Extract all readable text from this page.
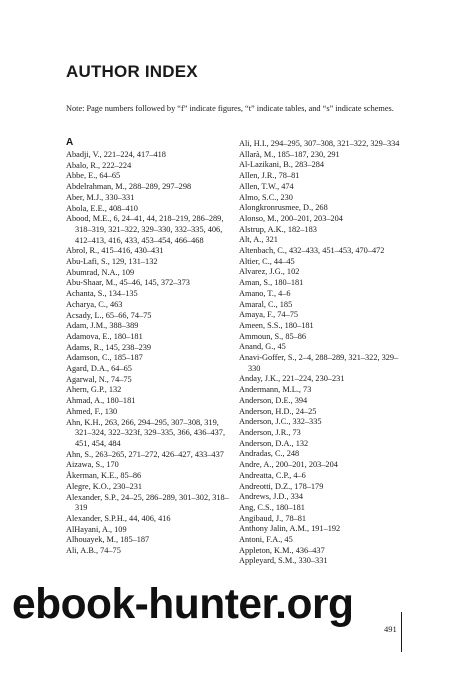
AUTHOR INDEX
Note: Page numbers followed by “f” indicate figures, “t” indicate tables, and “s” indicate schemes.
A
Abadji, V., 221–224, 417–418
Abalo, R., 222–224
Abbe, E., 64–65
Abdelrahman, M., 288–289, 297–298
Aber, M.J., 330–331
Abola, E.E., 408–410
Abood, M.E., 6, 24–41, 44, 218–219, 286–289, 318–319, 321–322, 329–330, 332–335, 406, 412–413, 416, 433, 453–454, 466–468
Abrol, R., 415–416, 430–431
Abu-Lafi, S., 129, 131–132
Abumrad, N.A., 109
Abu-Shaar, M., 45–46, 145, 372–373
Achanta, S., 134–135
Acharya, C., 463
Acsady, L., 65–66, 74–75
Adam, J.M., 388–389
Adamova, E., 180–181
Adams, R., 145, 238–239
Adamson, C., 185–187
Agard, D.A., 64–65
Agarwal, N., 74–75
Ahern, G.P., 132
Ahmad, A., 180–181
Ahmed, F., 130
Ahn, K.H., 263, 266, 294–295, 307–308, 319, 321–324, 322–323f, 329–335, 366, 436–437, 451, 454, 484
Ahn, S., 263–265, 271–272, 426–427, 433–437
Aizawa, S., 170
Åkerman, K.E., 85–86
Alegre, K.O., 230–231
Alexander, S.P., 24–25, 286–289, 301–302, 318–319
Alexander, S.P.H., 44, 406, 416
AlHayani, A., 109
Alhouayek, M., 185–187
Ali, A.B., 74–75
Ali, H.I., 294–295, 307–308, 321–322, 329–334
Allarà, M., 185–187, 230, 291
Al-Lazikani, B., 283–284
Allen, J.R., 78–81
Allen, T.W., 474
Almo, S.C., 230
Alongkronrusmee, D., 268
Alonso, M., 200–201, 203–204
Alstrup, A.K., 182–183
Alt, A., 321
Altenbach, C., 432–433, 451–453, 470–472
Altier, C., 44–45
Alvarez, J.G., 102
Aman, S., 180–181
Amano, T., 4–6
Amaral, C., 185
Amaya, F., 74–75
Ameen, S.S., 180–181
Ammoun, S., 85–86
Anand, G., 45
Anavi-Goffer, S., 2–4, 288–289, 321–322, 329–330
Anday, J.K., 221–224, 230–231
Andermann, M.L., 73
Anderson, D.E., 394
Anderson, H.D., 24–25
Anderson, J.C., 332–335
Anderson, J.R., 73
Anderson, D.A., 132
Andradas, C., 248
Andre, A., 200–201, 203–204
Andreatta, C.P., 4–6
Andreotti, D.Z., 178–179
Andrews, J.D., 334
Ang, C.S., 180–181
Angibaud, J., 78–81
Anthony Jalin, A.M., 191–192
Antoni, F.A., 45
Appleton, K.M., 436–437
Appleyard, S.M., 330–331
491
ebook-hunter.org
